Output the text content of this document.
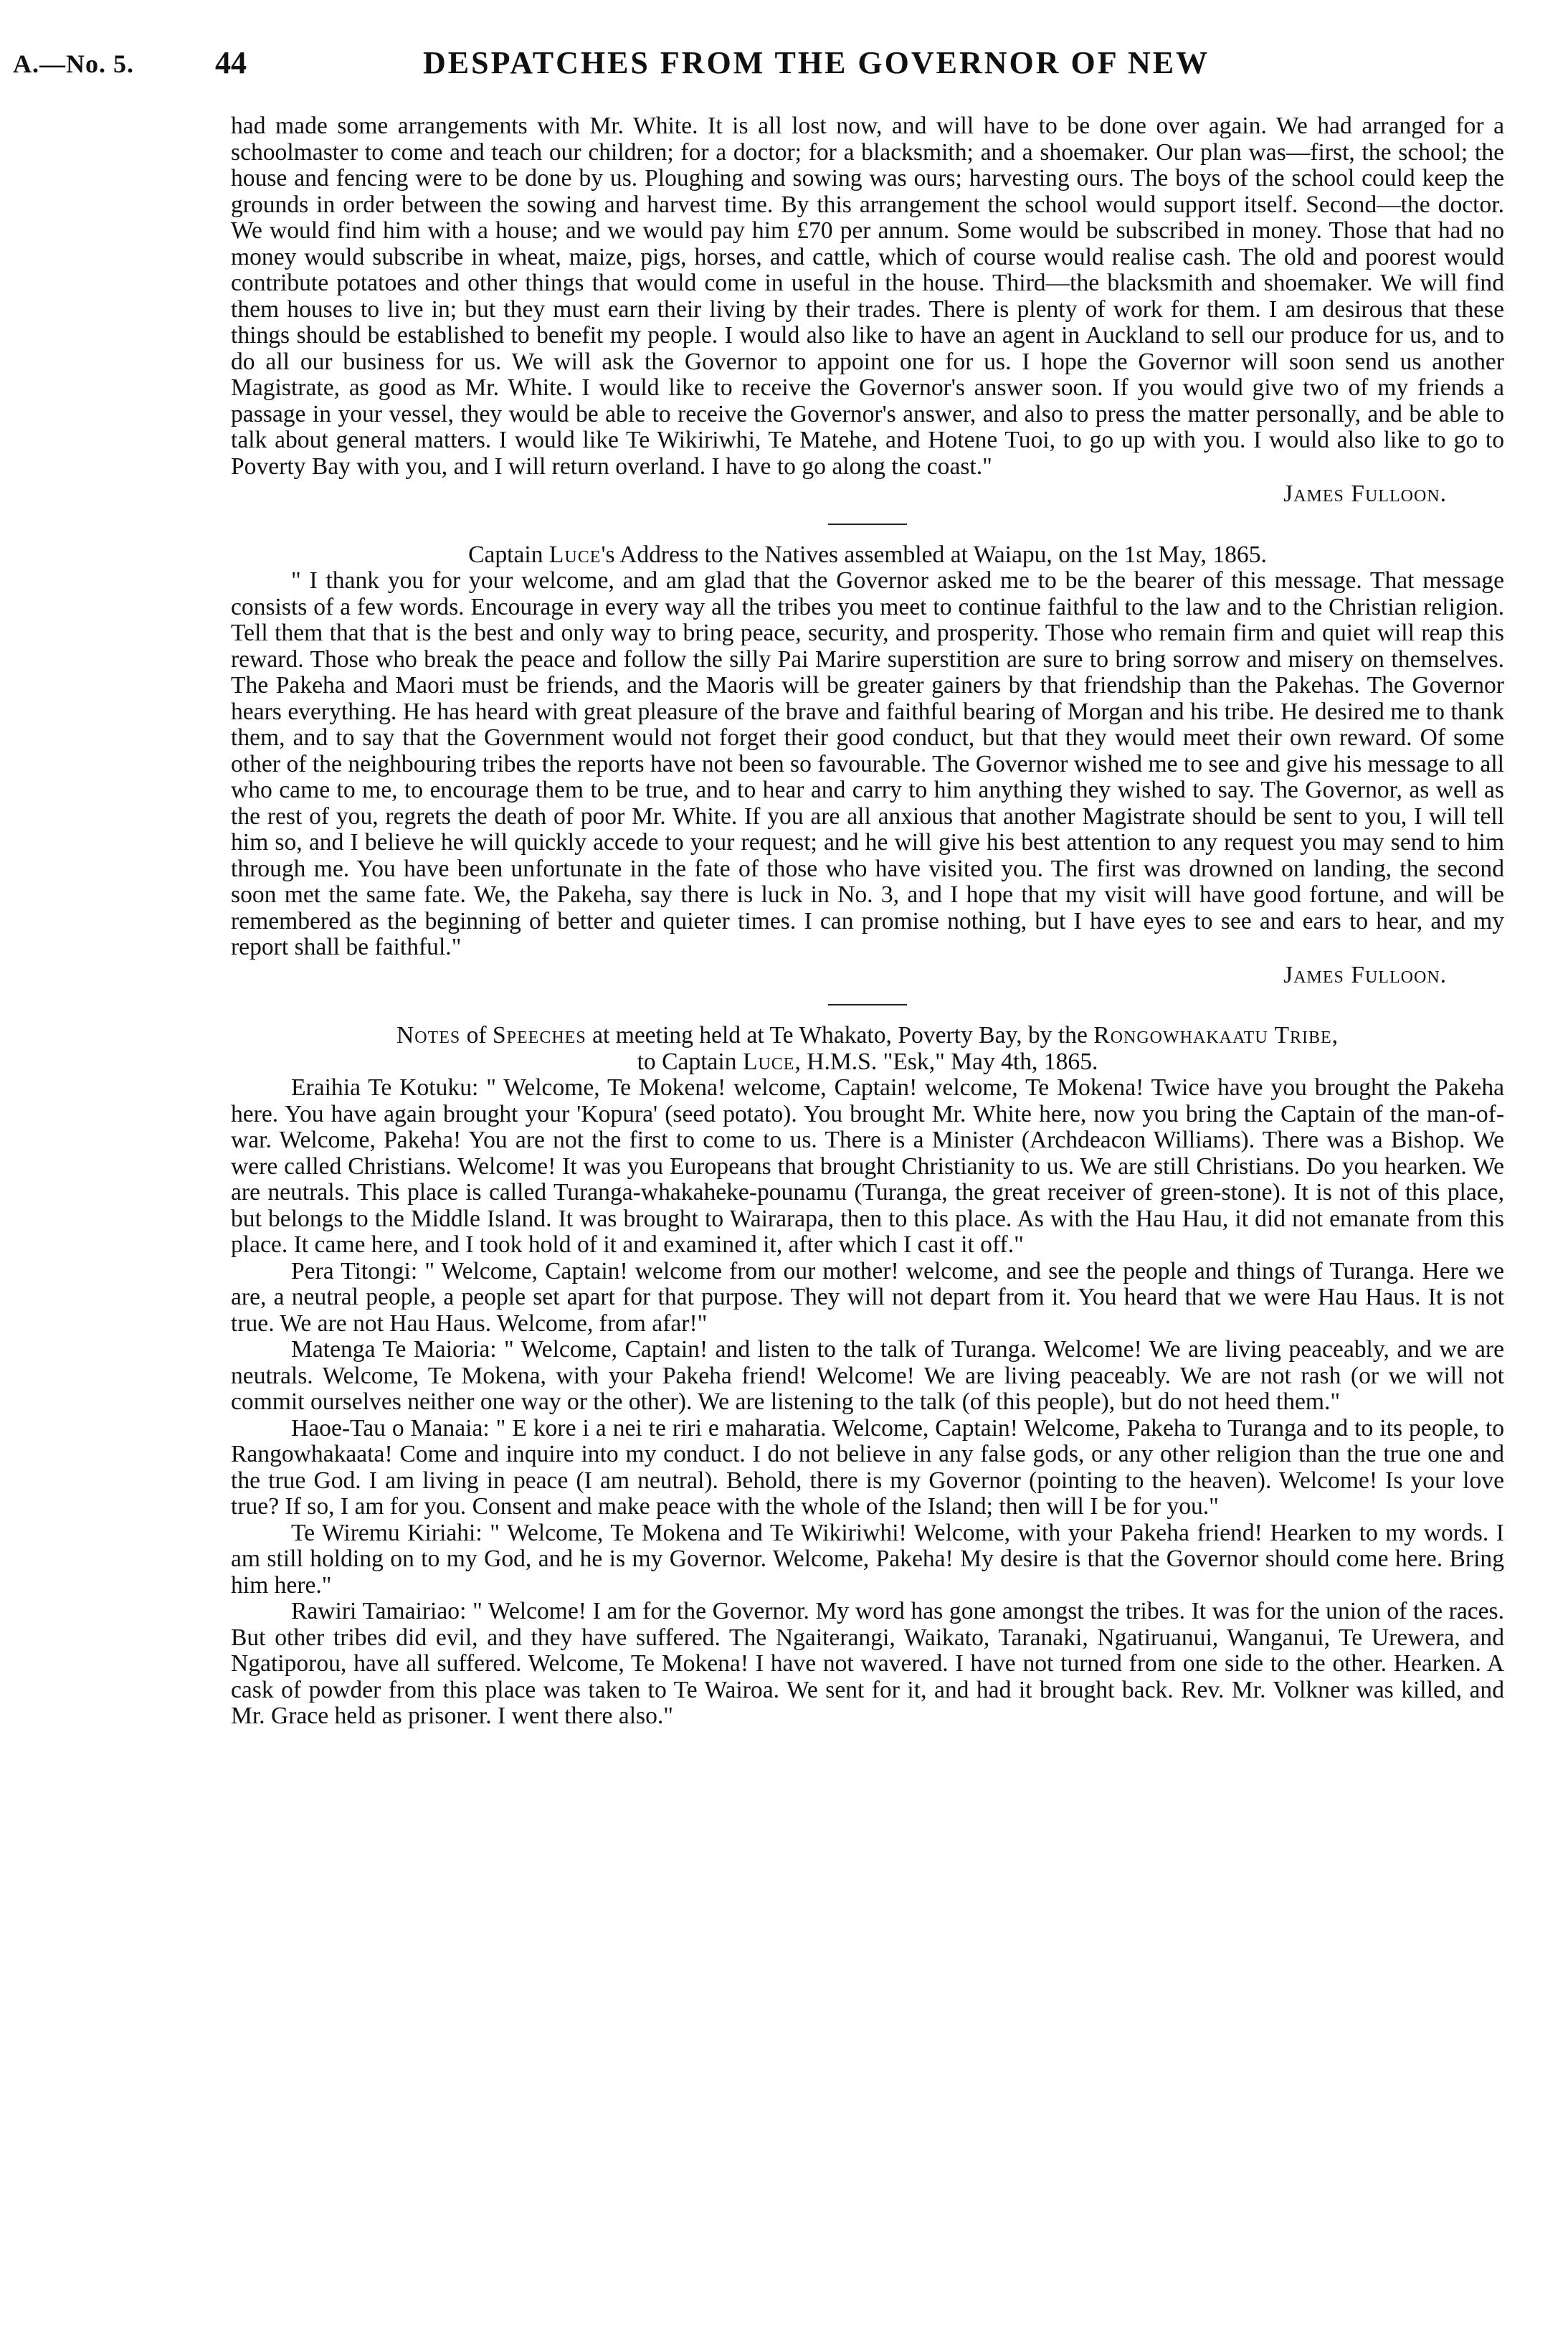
A.—No. 5.	44	DESPATCHES FROM THE GOVERNOR OF NEW

had made some arrangements with Mr. White. It is all lost now, and will have to be done over again. We had arranged for a schoolmaster to come and teach our children; for a doctor; for a blacksmith; and a shoemaker. Our plan was—first, the school; the house and fencing were to be done by us. Ploughing and sowing was ours; harvesting ours. The boys of the school could keep the grounds in order between the sowing and harvest time. By this arrangement the school would support itself. Second—the doctor. We would find him with a house; and we would pay him £70 per annum. Some would be subscribed in money. Those that had no money would subscribe in wheat, maize, pigs, horses, and cattle, which of course would realise cash. The old and poorest would contribute potatoes and other things that would come in useful in the house. Third—the blacksmith and shoemaker. We will find them houses to live in; but they must earn their living by their trades. There is plenty of work for them. I am desirous that these things should be established to benefit my people. I would also like to have an agent in Auckland to sell our produce for us, and to do all our business for us. We will ask the Governor to appoint one for us. I hope the Governor will soon send us another Magistrate, as good as Mr. White. I would like to receive the Governor's answer soon. If you would give two of my friends a passage in your vessel, they would be able to receive the Governor's answer, and also to press the matter personally, and be able to talk about general matters. I would like Te Wikiriwhi, Te Matehe, and Hotene Tuoi, to go up with you. I would also like to go to Poverty Bay with you, and I will return overland. I have to go along the coast."

James Fulloon.

Captain Luce's Address to the Natives assembled at Waiapu, on the 1st May, 1865.

" I thank you for your welcome, and am glad that the Governor asked me to be the bearer of this message. That message consists of a few words. Encourage in every way all the tribes you meet to continue faithful to the law and to the Christian religion. Tell them that that is the best and only way to bring peace, security, and prosperity. Those who remain firm and quiet will reap this reward. Those who break the peace and follow the silly Pai Marire superstition are sure to bring sorrow and misery on themselves. The Pakeha and Maori must be friends, and the Maoris will be greater gainers by that friendship than the Pakehas. The Governor hears everything. He has heard with great pleasure of the brave and faithful bearing of Morgan and his tribe. He desired me to thank them, and to say that the Government would not forget their good conduct, but that they would meet their own reward. Of some other of the neighbouring tribes the reports have not been so favourable. The Governor wished me to see and give his message to all who came to me, to encourage them to be true, and to hear and carry to him anything they wished to say. The Governor, as well as the rest of you, regrets the death of poor Mr. White. If you are all anxious that another Magistrate should be sent to you, I will tell him so, and I believe he will quickly accede to your request; and he will give his best attention to any request you may send to him through me. You have been unfortunate in the fate of those who have visited you. The first was drowned on landing, the second soon met the same fate. We, the Pakeha, say there is luck in No. 3, and I hope that my visit will have good fortune, and will be remembered as the beginning of better and quieter times. I can promise nothing, but I have eyes to see and ears to hear, and my report shall be faithful."

James Fulloon.

Notes of Speeches at meeting held at Te Whakato, Poverty Bay, by the Rongowhakaatu Tribe,

to Captain Luce, H.M.S. "Esk," May 4th, 1865.

Eraihia Te Kotuku: " Welcome, Te Mokena! welcome, Captain! welcome, Te Mokena! Twice have you brought the Pakeha here. You have again brought your 'Kopura' (seed potato). You brought Mr. White here, now you bring the Captain of the man-of-war. Welcome, Pakeha! You are not the first to come to us. There is a Minister (Archdeacon Williams). There was a Bishop. We were called Christians. Welcome! It was you Europeans that brought Christianity to us. We are still Christians. Do you hearken. We are neutrals. This place is called Turanga-whakaheke-pounamu (Turanga, the great receiver of green-stone). It is not of this place, but belongs to the Middle Island. It was brought to Wairarapa, then to this place. As with the Hau Hau, it did not emanate from this place. It came here, and I took hold of it and examined it, after which I cast it off."

Pera Titongi: " Welcome, Captain! welcome from our mother! welcome, and see the people and things of Turanga. Here we are, a neutral people, a people set apart for that purpose. They will not depart from it. You heard that we were Hau Haus. It is not true. We are not Hau Haus. Welcome, from afar!"

Matenga Te Maioria: " Welcome, Captain! and listen to the talk of Turanga. Welcome! We are living peaceably, and we are neutrals. Welcome, Te Mokena, with your Pakeha friend! Welcome! We are living peaceably. We are not rash (or we will not commit ourselves neither one way or the other). We are listening to the talk (of this people), but do not heed them."

Haoe-Tau o Manaia: " E kore i a nei te riri e maharatia. Welcome, Captain! Welcome, Pakeha to Turanga and to its people, to Rangowhakaata! Come and inquire into my conduct. I do not believe in any false gods, or any other religion than the true one and the true God. I am living in peace (I am neutral). Behold, there is my Governor (pointing to the heaven). Welcome! Is your love true? If so, I am for you. Consent and make peace with the whole of the Island; then will I be for you."

Te Wiremu Kiriahi: " Welcome, Te Mokena and Te Wikiriwhi! Welcome, with your Pakeha friend! Hearken to my words. I am still holding on to my God, and he is my Governor. Welcome, Pakeha! My desire is that the Governor should come here. Bring him here."

Rawiri Tamairiao: " Welcome! I am for the Governor. My word has gone amongst the tribes. It was for the union of the races. But other tribes did evil, and they have suffered. The Ngaiterangi, Waikato, Taranaki, Ngatiruanui, Wanganui, Te Urewera, and Ngatiporou, have all suffered. Welcome, Te Mokena! I have not wavered. I have not turned from one side to the other. Hearken. A cask of powder from this place was taken to Te Wairoa. We sent for it, and had it brought back. Rev. Mr. Volkner was killed, and Mr. Grace held as prisoner. I went there also."
